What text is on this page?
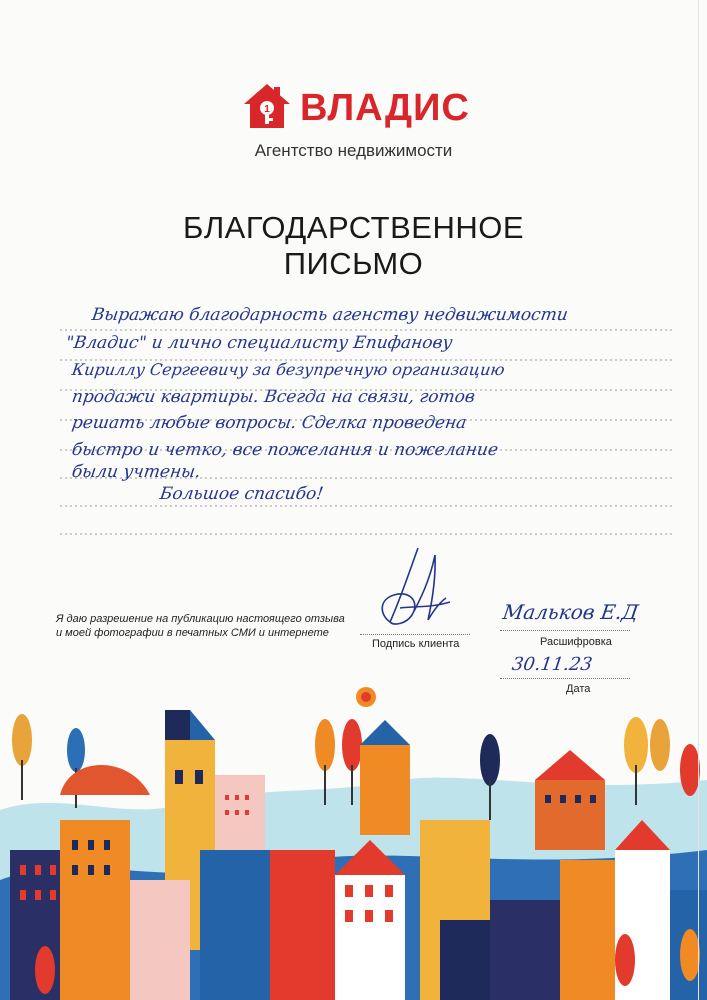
1 ВЛАДИС
Агентство недвижимости
БЛАГОДАРСТВЕННОЕ
ПИСЬМО
Выражаю благодарность агенству недвижимости
"Владис" и лично специалисту Епифанову
Кириллу Сергеевичу за безупречную организацию
продажи квартиры. Всегда на связи, готов
решать любые вопросы. Сделка проведена
быстро и четко, все пожелания и пожелание
были учтены.
Большое спасибо!
Я даю разрешение на публикацию настоящего отзыва
и моей фотографии в печатных СМИ и интернете
Подпись клиента
Мальков Е.Д
Расшифровка
30.11.23
Дата
